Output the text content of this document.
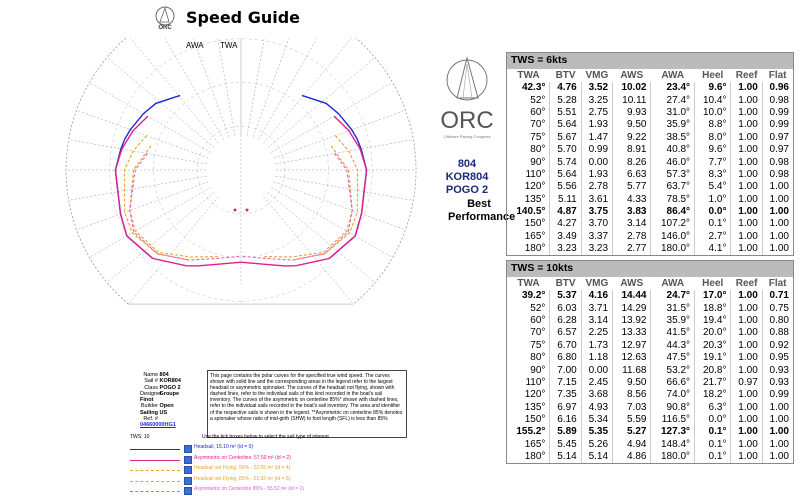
ORC
Speed Guide
AWA TWA
ORC
Offshore Racing Congress
804
KOR804
POGO 2
Best Performance
TWS = 6kts
TWA	BTV	VMG	AWS	AWA	Heel	Reef	Flat
42.3°	4.76	3.52	10.02	23.4°	9.6°	1.00	0.96
52°	5.28	3.25	10.11	27.4°	10.4°	1.00	0.98
60°	5.51	2.75	9.93	31.0°	10.0°	1.00	0.99
70°	5.64	1.93	9.50	35.9°	8.8°	1.00	0.99
75°	5.67	1.47	9.22	38.5°	8.0°	1.00	0.97
80°	5.70	0.99	8.91	40.8°	9.6°	1.00	0.97
90°	5.74	0.00	8.26	46.0°	7.7°	1.00	0.98
110°	5.64	1.93	6.63	57.3°	8.3°	1.00	0.98
120°	5.56	2.78	5.77	63.7°	5.4°	1.00	1.00
135°	5.11	3.61	4.33	78.5°	1.0°	1.00	1.00
140.5°	4.87	3.75	3.83	86.4°	0.0°	1.00	1.00
150°	4.27	3.70	3.14	107.2°	0.1°	1.00	1.00
165°	3.49	3.37	2.78	146.0°	2.7°	1.00	1.00
180°	3.23	3.23	2.77	180.0°	4.1°	1.00	1.00
TWS = 10kts
TWA	BTV	VMG	AWS	AWA	Heel	Reef	Flat
39.2°	5.37	4.16	14.44	24.7°	17.0°	1.00	0.71
52°	6.03	3.71	14.29	31.5°	18.8°	1.00	0.75
60°	6.28	3.14	13.92	35.9°	19.4°	1.00	0.80
70°	6.57	2.25	13.33	41.5°	20.0°	1.00	0.88
75°	6.70	1.73	12.97	44.3°	20.3°	1.00	0.92
80°	6.80	1.18	12.63	47.5°	19.1°	1.00	0.95
90°	7.00	0.00	11.68	53.2°	20.8°	1.00	0.93
110°	7.15	2.45	9.50	66.6°	21.7°	0.97	0.93
120°	7.35	3.68	8.56	74.0°	18.2°	1.00	0.99
135°	6.97	4.93	7.03	90.8°	6.3°	1.00	1.00
150°	6.16	5.34	5.59	116.5°	0.0°	1.00	1.00
155.2°	5.89	5.35	5.27	127.3°	0.1°	1.00	1.00
165°	5.45	5.26	4.94	148.4°	0.1°	1.00	1.00
180°	5.14	5.14	4.86	180.0°	0.1°	1.00	1.00
Name 804
Sail # KOR804
Class POGO 2
Designer Groupe Finot
Builder Open Sailing US
Ref. # 04660000HG1
This page contains the polar curves for the specified true wind speed. The curves shown with solid line and the corresponding areas in the legend refer to the largest headsail or asymmetric spinnaker. The curves of the headsail not flying, shown with dashed lines, refer to the individual sails of this kind recorded in the boat's sail inventory. The curves of the asymmetric on centerline 85%* shown with dashed lines, refer to the individual sails recorded in the boat's sail inventory. The area and identifier of the respective sails is shown in the legend. **Asymmetric on centerline 85% denotes a spinnaker whose ratio of mid-girth (SHW) to foot length (SFL) is less than 85%
TWS: 10	Use the tick boxes below to select the sail type of interest
Headsail, 15.10 m² (id = 0)
Asymmetric on Centerline, 57.50 m² (id = 2)
Headsail set Flying, 50% - 22.55 m² (id = 4)
Headsail set Flying, 85% - 21.92 m² (id = 5)
Asymmetric on Centerline 85% - 55.52 m² (id = 1)
